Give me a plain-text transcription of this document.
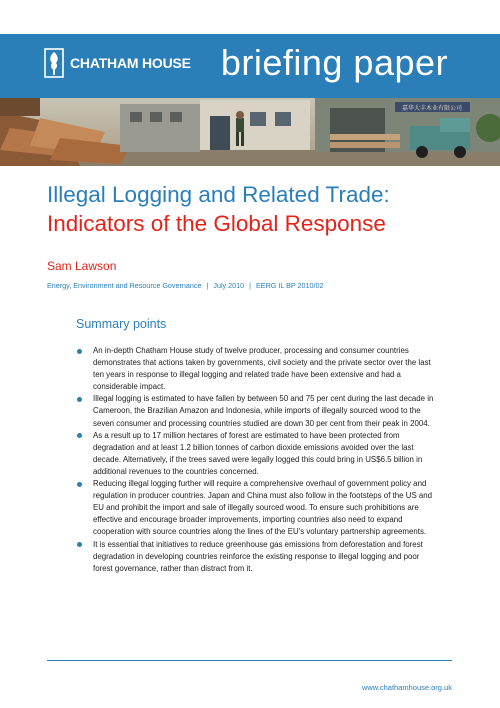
CHATHAM HOUSE briefing paper
嘉华大丰木业有限公司
Illegal Logging and Related Trade:
Indicators of the Global Response
Sam Lawson
Energy, Environment and Resource Governance | July 2010 | EERG IL BP 2010/02
Summary points
An in-depth Chatham House study of twelve producer, processing and consumer countries demonstrates that actions taken by governments, civil society and the private sector over the last ten years in response to illegal logging and related trade have been extensive and had a considerable impact.
Illegal logging is estimated to have fallen by between 50 and 75 per cent during the last decade in Cameroon, the Brazilian Amazon and Indonesia, while imports of illegally sourced wood to the seven consumer and processing countries studied are down 30 per cent from their peak in 2004.
As a result up to 17 million hectares of forest are estimated to have been protected from degradation and at least 1.2 billion tonnes of carbon dioxide emissions avoided over the last decade. Alternatively, if the trees saved were legally logged this could bring in US$6.5 billion in additional revenues to the countries concerned.
Reducing illegal logging further will require a comprehensive overhaul of government policy and regulation in producer countries. Japan and China must also follow in the footsteps of the US and EU and prohibit the import and sale of illegally sourced wood. To ensure such prohibitions are effective and encourage broader improvements, importing countries also need to expand cooperation with source countries along the lines of the EU's voluntary partnership agreements.
It is essential that initiatives to reduce greenhouse gas emissions from deforestation and forest degradation in developing countries reinforce the existing response to illegal logging and poor forest governance, rather than distract from it.
www.chathamhouse.org.uk
